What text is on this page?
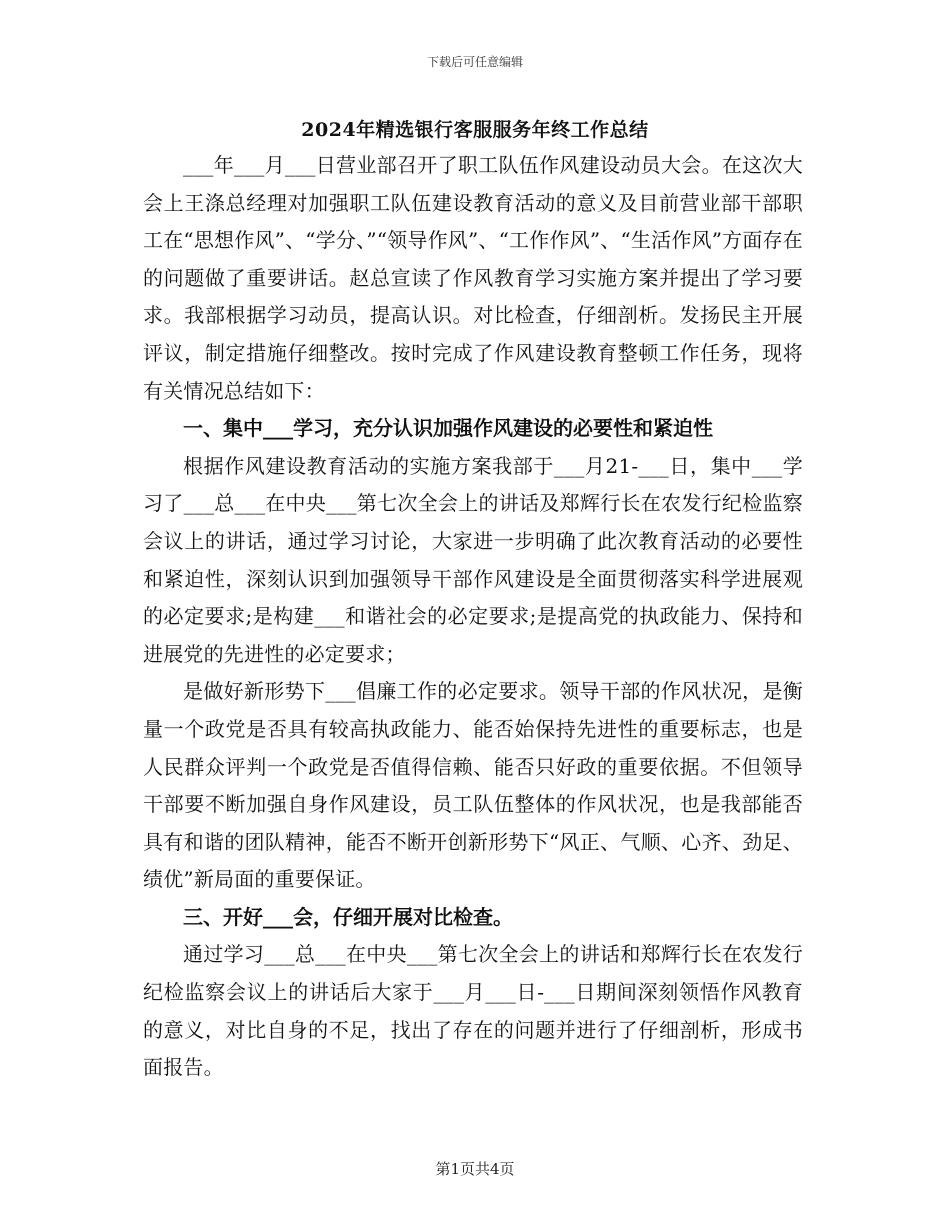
下载后可任意编辑
2024年精选银行客服服务年终工作总结

___年___月___日营业部召开了职工队伍作风建设动员大会。在这次大会上王涤总经理对加强职工队伍建设教育活动的意义及目前营业部干部职工在“思想作风”、“学分、”“领导作风”、“工作作风”、“生活作风”方面存在的问题做了重要讲话。赵总宣读了作风教育学习实施方案并提出了学习要求。我部根据学习动员，提高认识。对比检查，仔细剖析。发扬民主开展评议，制定措施仔细整改。按时完成了作风建设教育整顿工作任务，现将有关情况总结如下：

一、集中___学习，充分认识加强作风建设的必要性和紧迫性

根据作风建设教育活动的实施方案我部于___月21-___日，集中___学习了___总___在中央___第七次全会上的讲话及郑辉行长在农发行纪检监察会议上的讲话，通过学习讨论，大家进一步明确了此次教育活动的必要性和紧迫性，深刻认识到加强领导干部作风建设是全面贯彻落实科学进展观的必定要求;是构建___和谐社会的必定要求;是提高党的执政能力、保持和进展党的先进性的必定要求；

是做好新形势下___倡廉工作的必定要求。领导干部的作风状况，是衡量一个政党是否具有较高执政能力、能否始保持先进性的重要标志，也是人民群众评判一个政党是否值得信赖、能否只好政的重要依据。不但领导干部要不断加强自身作风建设，员工队伍整体的作风状况，也是我部能否具有和谐的团队精神，能否不断开创新形势下“风正、气顺、心齐、劲足、绩优”新局面的重要保证。

三、开好___会，仔细开展对比检查。

通过学习___总___在中央___第七次全会上的讲话和郑辉行长在农发行纪检监察会议上的讲话后大家于___月___日-___日期间深刻领悟作风教育的意义，对比自身的不足，找出了存在的问题并进行了仔细剖析，形成书面报告。

第1页共4页
